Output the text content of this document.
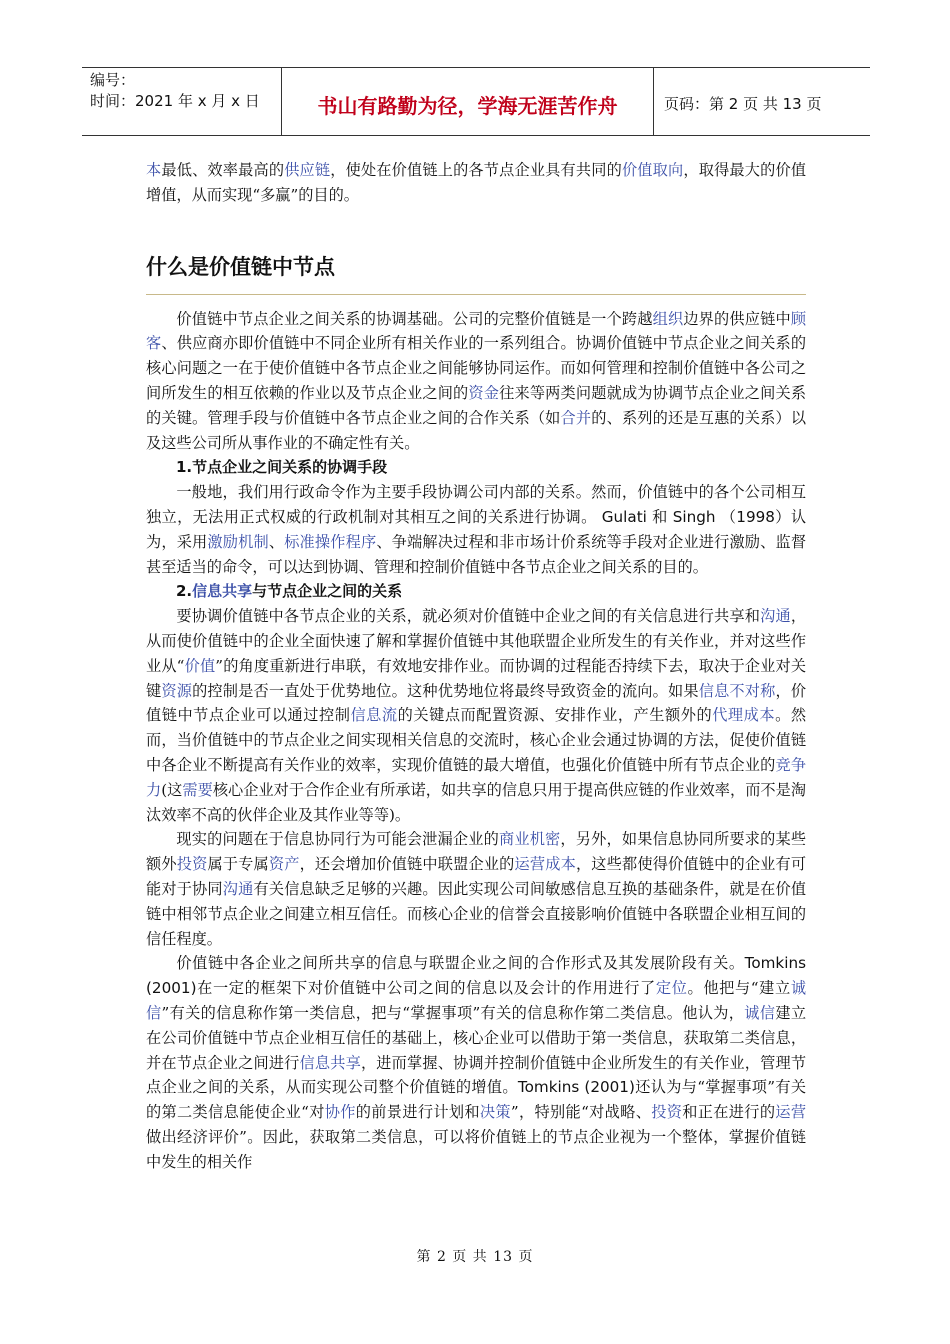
编号：
时间：2021 年 x 月 x 日	书山有路勤为径，学海无涯苦作舟	页码：第 2 页 共 13 页

本最低、效率最高的供应链，使处在价值链上的各节点企业具有共同的价值取向，取得最大的价值增值，从而实现“多赢”的目的。

什么是价值链中节点

价值链中节点企业之间关系的协调基础。公司的完整价值链是一个跨越组织边界的供应链中顾客、供应商亦即价值链中不同企业所有相关作业的一系列组合。协调价值链中节点企业之间关系的核心问题之一在于使价值链中各节点企业之间能够协同运作。而如何管理和控制价值链中各公司之间所发生的相互依赖的作业以及节点企业之间的资金往来等两类问题就成为协调节点企业之间关系的关键。管理手段与价值链中各节点企业之间的合作关系（如合并的、系列的还是互惠的关系）以及这些公司所从事作业的不确定性有关。

1.节点企业之间关系的协调手段

一般地，我们用行政命令作为主要手段协调公司内部的关系。然而，价值链中的各个公司相互独立，无法用正式权威的行政机制对其相互之间的关系进行协调。 Gulati 和 Singh （1998）认为，采用激励机制、标准操作程序、争端解决过程和非市场计价系统等手段对企业进行激励、监督甚至适当的命令，可以达到协调、管理和控制价值链中各节点企业之间关系的目的。

2.信息共享与节点企业之间的关系

要协调价值链中各节点企业的关系，就必须对价值链中企业之间的有关信息进行共享和沟通，从而使价值链中的企业全面快速了解和掌握价值链中其他联盟企业所发生的有关作业，并对这些作业从“价值”的角度重新进行串联，有效地安排作业。而协调的过程能否持续下去，取决于企业对关键资源的控制是否一直处于优势地位。这种优势地位将最终导致资金的流向。如果信息不对称，价值链中节点企业可以通过控制信息流的关键点而配置资源、安排作业，产生额外的代理成本。然而，当价值链中的节点企业之间实现相关信息的交流时，核心企业会通过协调的方法，促使价值链中各企业不断提高有关作业的效率，实现价值链的最大增值，也强化价值链中所有节点企业的竞争力(这需要核心企业对于合作企业有所承诺，如共享的信息只用于提高供应链的作业效率，而不是淘汰效率不高的伙伴企业及其作业等等)。

现实的问题在于信息协同行为可能会泄漏企业的商业机密，另外，如果信息协同所要求的某些额外投资属于专属资产，还会增加价值链中联盟企业的运营成本，这些都使得价值链中的企业有可能对于协同沟通有关信息缺乏足够的兴趣。因此实现公司间敏感信息互换的基础条件，就是在价值链中相邻节点企业之间建立相互信任。而核心企业的信誉会直接影响价值链中各联盟企业相互间的信任程度。

价值链中各企业之间所共享的信息与联盟企业之间的合作形式及其发展阶段有关。Tomkins (2001)在一定的框架下对价值链中公司之间的信息以及会计的作用进行了定位。他把与“建立诚信”有关的信息称作第一类信息，把与“掌握事项”有关的信息称作第二类信息。他认为，诚信建立在公司价值链中节点企业相互信任的基础上，核心企业可以借助于第一类信息，获取第二类信息，并在节点企业之间进行信息共享，进而掌握、协调并控制价值链中企业所发生的有关作业，管理节点企业之间的关系，从而实现公司整个价值链的增值。Tomkins (2001)还认为与“掌握事项”有关的第二类信息能使企业“对协作的前景进行计划和决策”，特别能“对战略、投资和正在进行的运营做出经济评价”。因此，获取第二类信息，可以将价值链上的节点企业视为一个整体，掌握价值链中发生的相关作

第 2 页 共 13 页
